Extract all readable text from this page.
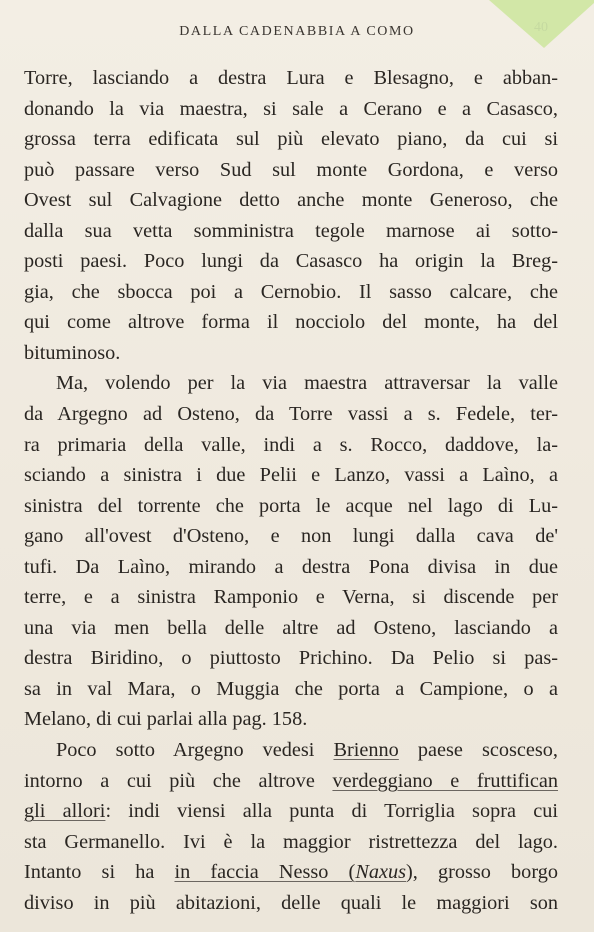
40
DALLA CADENABBIA A COMO
Torre, lasciando a destra Lura e Blesagno, e abban-
donando la via maestra, si sale a Cerano e a Casasco,
grossa terra edificata sul più elevato piano, da cui si
può passare verso Sud sul monte Gordona, e verso
Ovest sul Calvagione detto anche monte Generoso, che
dalla sua vetta somministra tegole marnose ai sotto-
posti paesi. Poco lungi da Casasco ha origin la Breg-
gia, che sbocca poi a Cernobio. Il sasso calcare, che
qui come altrove forma il nocciolo del monte, ha del
bituminoso.
Ma, volendo per la via maestra attraversar la valle
da Argegno ad Osteno, da Torre vassi a s. Fedele, ter-
ra primaria della valle, indi a s. Rocco, daddove, la-
sciando a sinistra i due Pelii e Lanzo, vassi a Laìno, a
sinistra del torrente che porta le acque nel lago di Lu-
gano all'ovest d'Osteno, e non lungi dalla cava de'
tufi. Da Laìno, mirando a destra Pona divisa in due
terre, e a sinistra Ramponio e Verna, si discende per
una via men bella delle altre ad Osteno, lasciando a
destra Biridino, o piuttosto Prichino. Da Pelio si pas-
sa in val Mara, o Muggia che porta a Campione, o a
Melano, di cui parlai alla pag. 158.
Poco sotto Argegno vedesi Brienno paese scosceso,
intorno a cui più che altrove verdeggiano e fruttifican
gli allori: indi viensi alla punta di Torriglia sopra cui
sta Germanello. Ivi è la maggior ristrettezza del lago.
Intanto si ha in faccia Nesso (Naxus), grosso borgo
diviso in più abitazioni, delle quali le maggiori son
